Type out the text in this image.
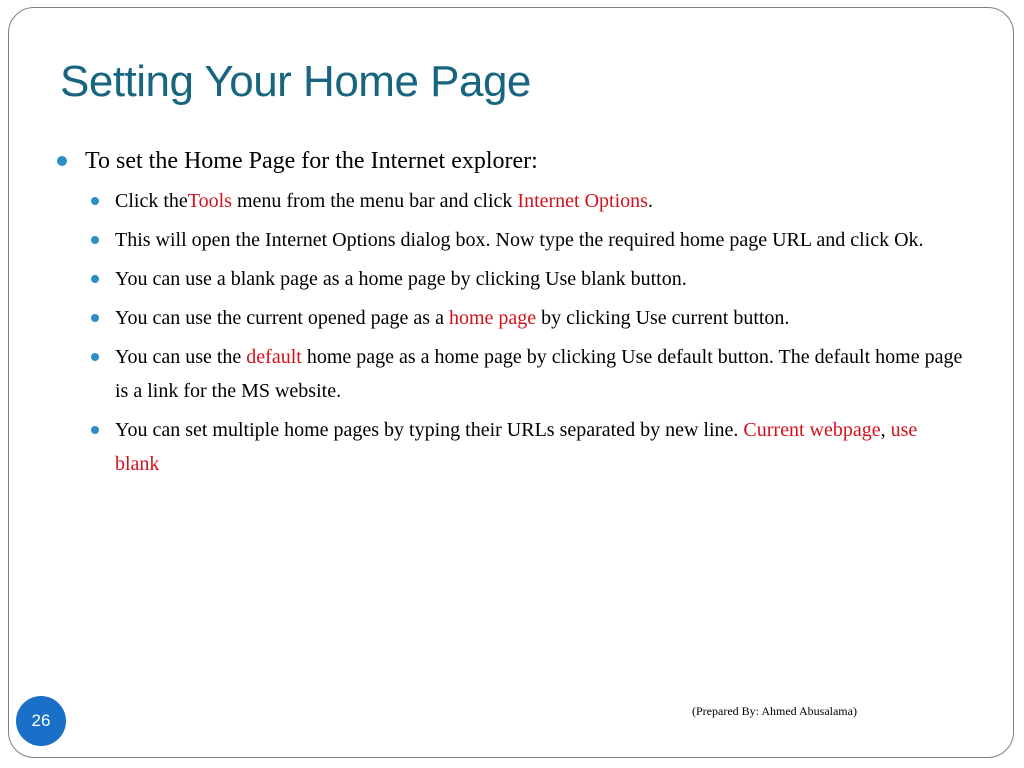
Setting Your Home Page
To set the Home Page for the Internet explorer:
Click theTools menu from the menu bar and click Internet Options.
This will open the Internet Options dialog box. Now type the required home page URL and click Ok.
You can use a blank page as a home page by clicking Use blank button.
You can use the current opened page as a home page by clicking Use current button.
You can use the default home page as a home page by clicking Use default button. The default home page is a link for the MS website.
You can set multiple home pages by typing their URLs separated by new line. Current webpage, use blank
26	(Prepared By: Ahmed Abusalama)
